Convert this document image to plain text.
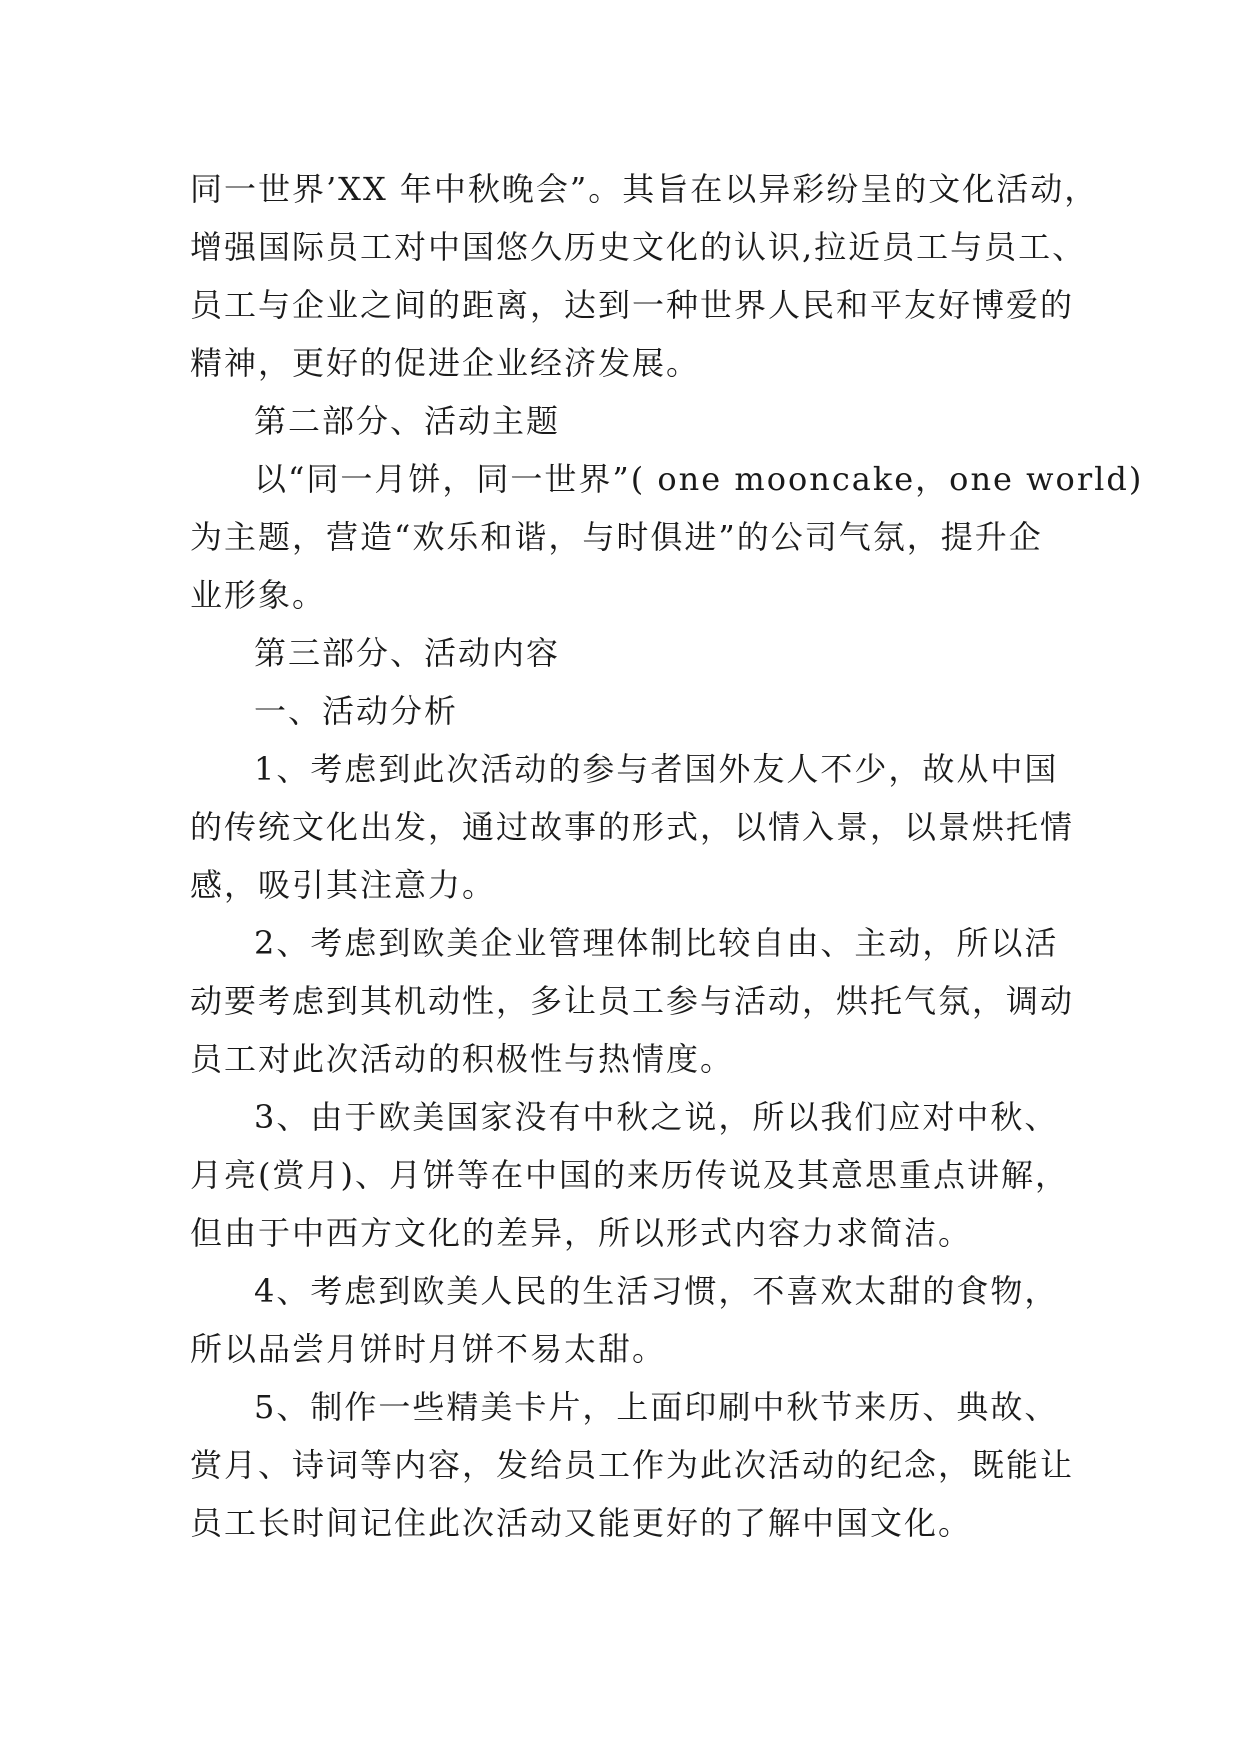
同一世界’XX 年中秋晚会”。其旨在以异彩纷呈的文化活动，
增强国际员工对中国悠久历史文化的认识,拉近员工与员工、
员工与企业之间的距离，达到一种世界人民和平友好博爱的
精神，更好的促进企业经济发展。
第二部分、活动主题
以“同一月饼，同一世界”( one mooncake，one world)
为主题，营造“欢乐和谐，与时俱进”的公司气氛，提升企
业形象。
第三部分、活动内容
一、活动分析
1、考虑到此次活动的参与者国外友人不少，故从中国
的传统文化出发，通过故事的形式，以情入景，以景烘托情
感，吸引其注意力。
2、考虑到欧美企业管理体制比较自由、主动，所以活
动要考虑到其机动性，多让员工参与活动，烘托气氛，调动
员工对此次活动的积极性与热情度。
3、由于欧美国家没有中秋之说，所以我们应对中秋、
月亮(赏月)、月饼等在中国的来历传说及其意思重点讲解，
但由于中西方文化的差异，所以形式内容力求简洁。
4、考虑到欧美人民的生活习惯，不喜欢太甜的食物，
所以品尝月饼时月饼不易太甜。
5、制作一些精美卡片，上面印刷中秋节来历、典故、
赏月、诗词等内容，发给员工作为此次活动的纪念，既能让
员工长时间记住此次活动又能更好的了解中国文化。
